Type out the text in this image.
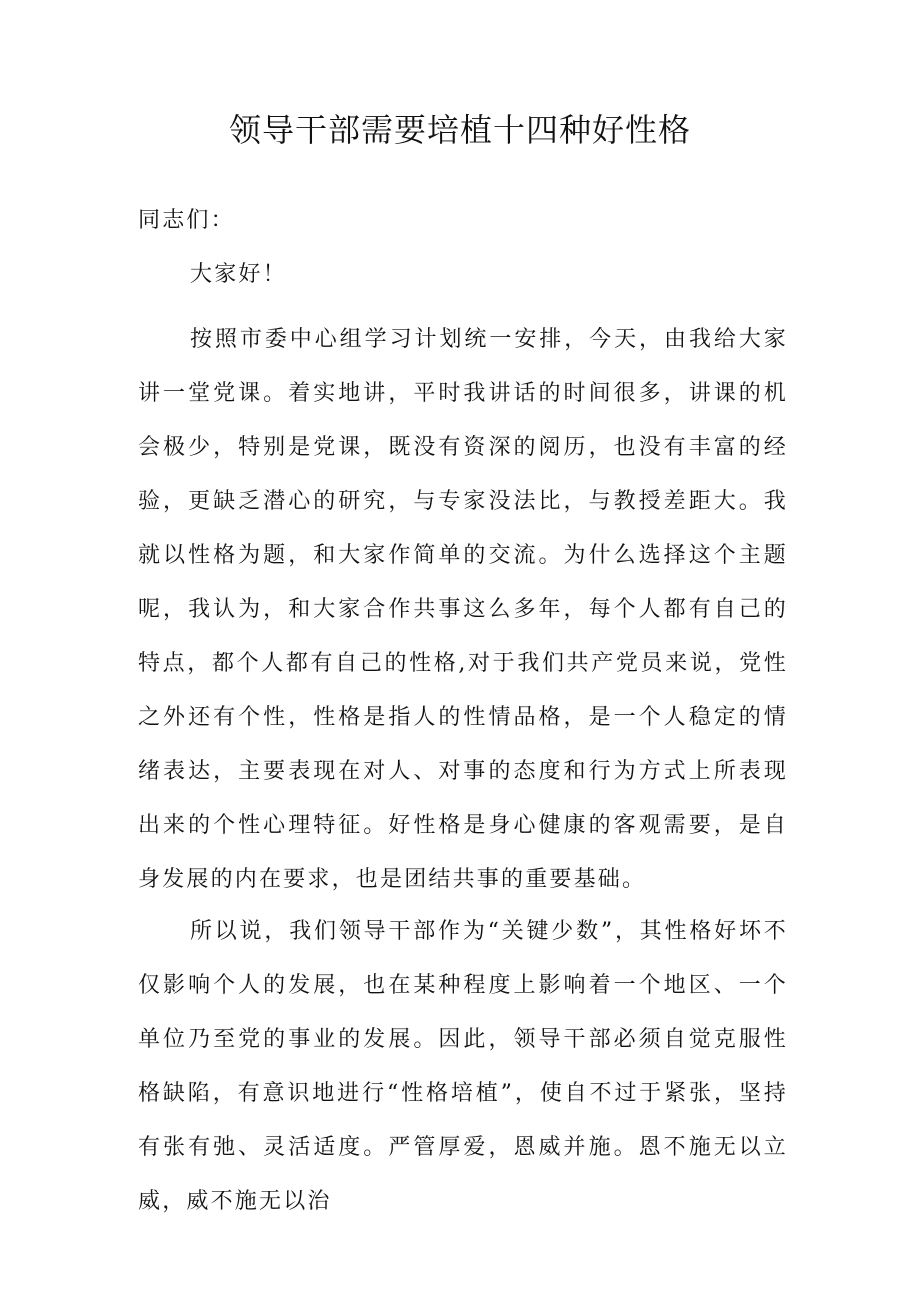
领导干部需要培植十四种好性格

同志们：

大家好！

按照市委中心组学习计划统一安排，今天，由我给大家讲一堂党课。着实地讲，平时我讲话的时间很多，讲课的机会极少，特别是党课，既没有资深的阅历，也没有丰富的经验，更缺乏潜心的研究，与专家没法比，与教授差距大。我就以性格为题，和大家作简单的交流。为什么选择这个主题呢，我认为，和大家合作共事这么多年，每个人都有自己的特点，都个人都有自己的性格,对于我们共产党员来说，党性之外还有个性，性格是指人的性情品格，是一个人稳定的情绪表达，主要表现在对人、对事的态度和行为方式上所表现出来的个性心理特征。好性格是身心健康的客观需要，是自身发展的内在要求，也是团结共事的重要基础。

所以说，我们领导干部作为“关键少数”，其性格好坏不仅影响个人的发展，也在某种程度上影响着一个地区、一个单位乃至党的事业的发展。因此，领导干部必须自觉克服性格缺陷，有意识地进行“性格培植”，使自不过于紧张，坚持有张有弛、灵活适度。严管厚爱，恩威并施。恩不施无以立威，威不施无以治
